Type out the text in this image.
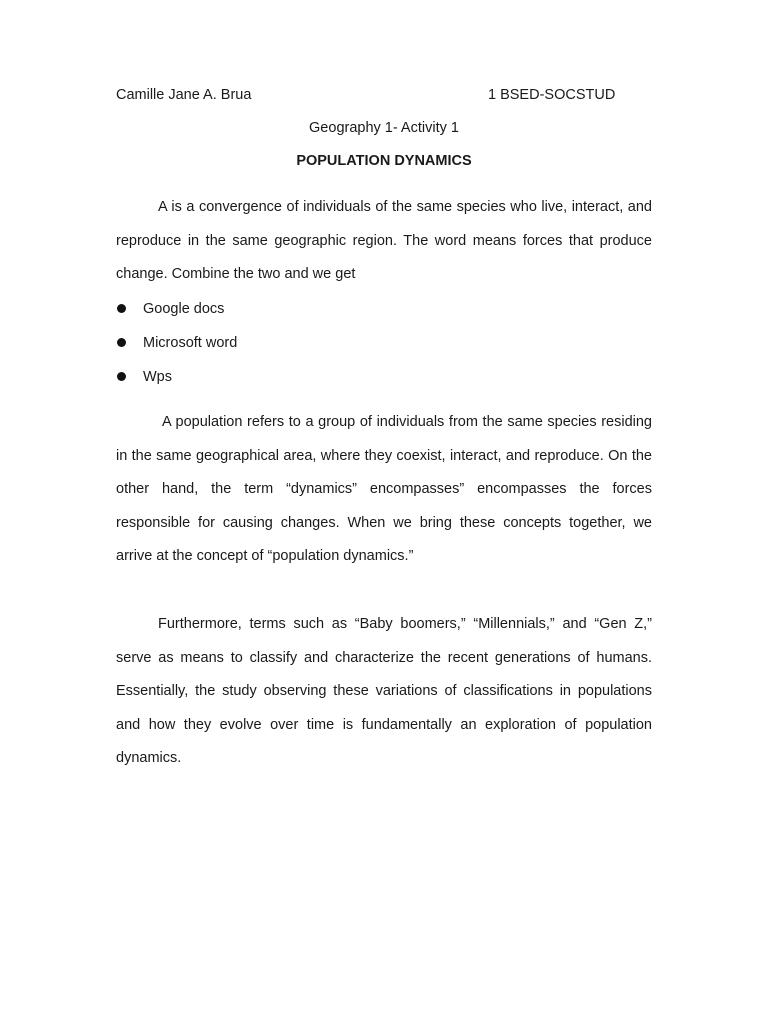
Camille Jane A. Brua	1 BSED-SOCSTUD
Geography 1- Activity 1
POPULATION DYNAMICS

A is a convergence of individuals of the same species who live, interact, and reproduce in the same geographic region. The word means forces that produce change. Combine the two and we get

Google docs
Microsoft word
Wps

A population refers to a group of individuals from the same species residing in the same geographical area, where they coexist, interact, and reproduce. On the other hand, the term “dynamics” encompasses” encompasses the forces responsible for causing changes. When we bring these concepts together, we arrive at the concept of “population dynamics.”

Furthermore, terms such as “Baby boomers,” “Millennials,” and “Gen Z,” serve as means to classify and characterize the recent generations of humans. Essentially, the study observing these variations of classifications in populations and how they evolve over time is fundamentally an exploration of population dynamics.
